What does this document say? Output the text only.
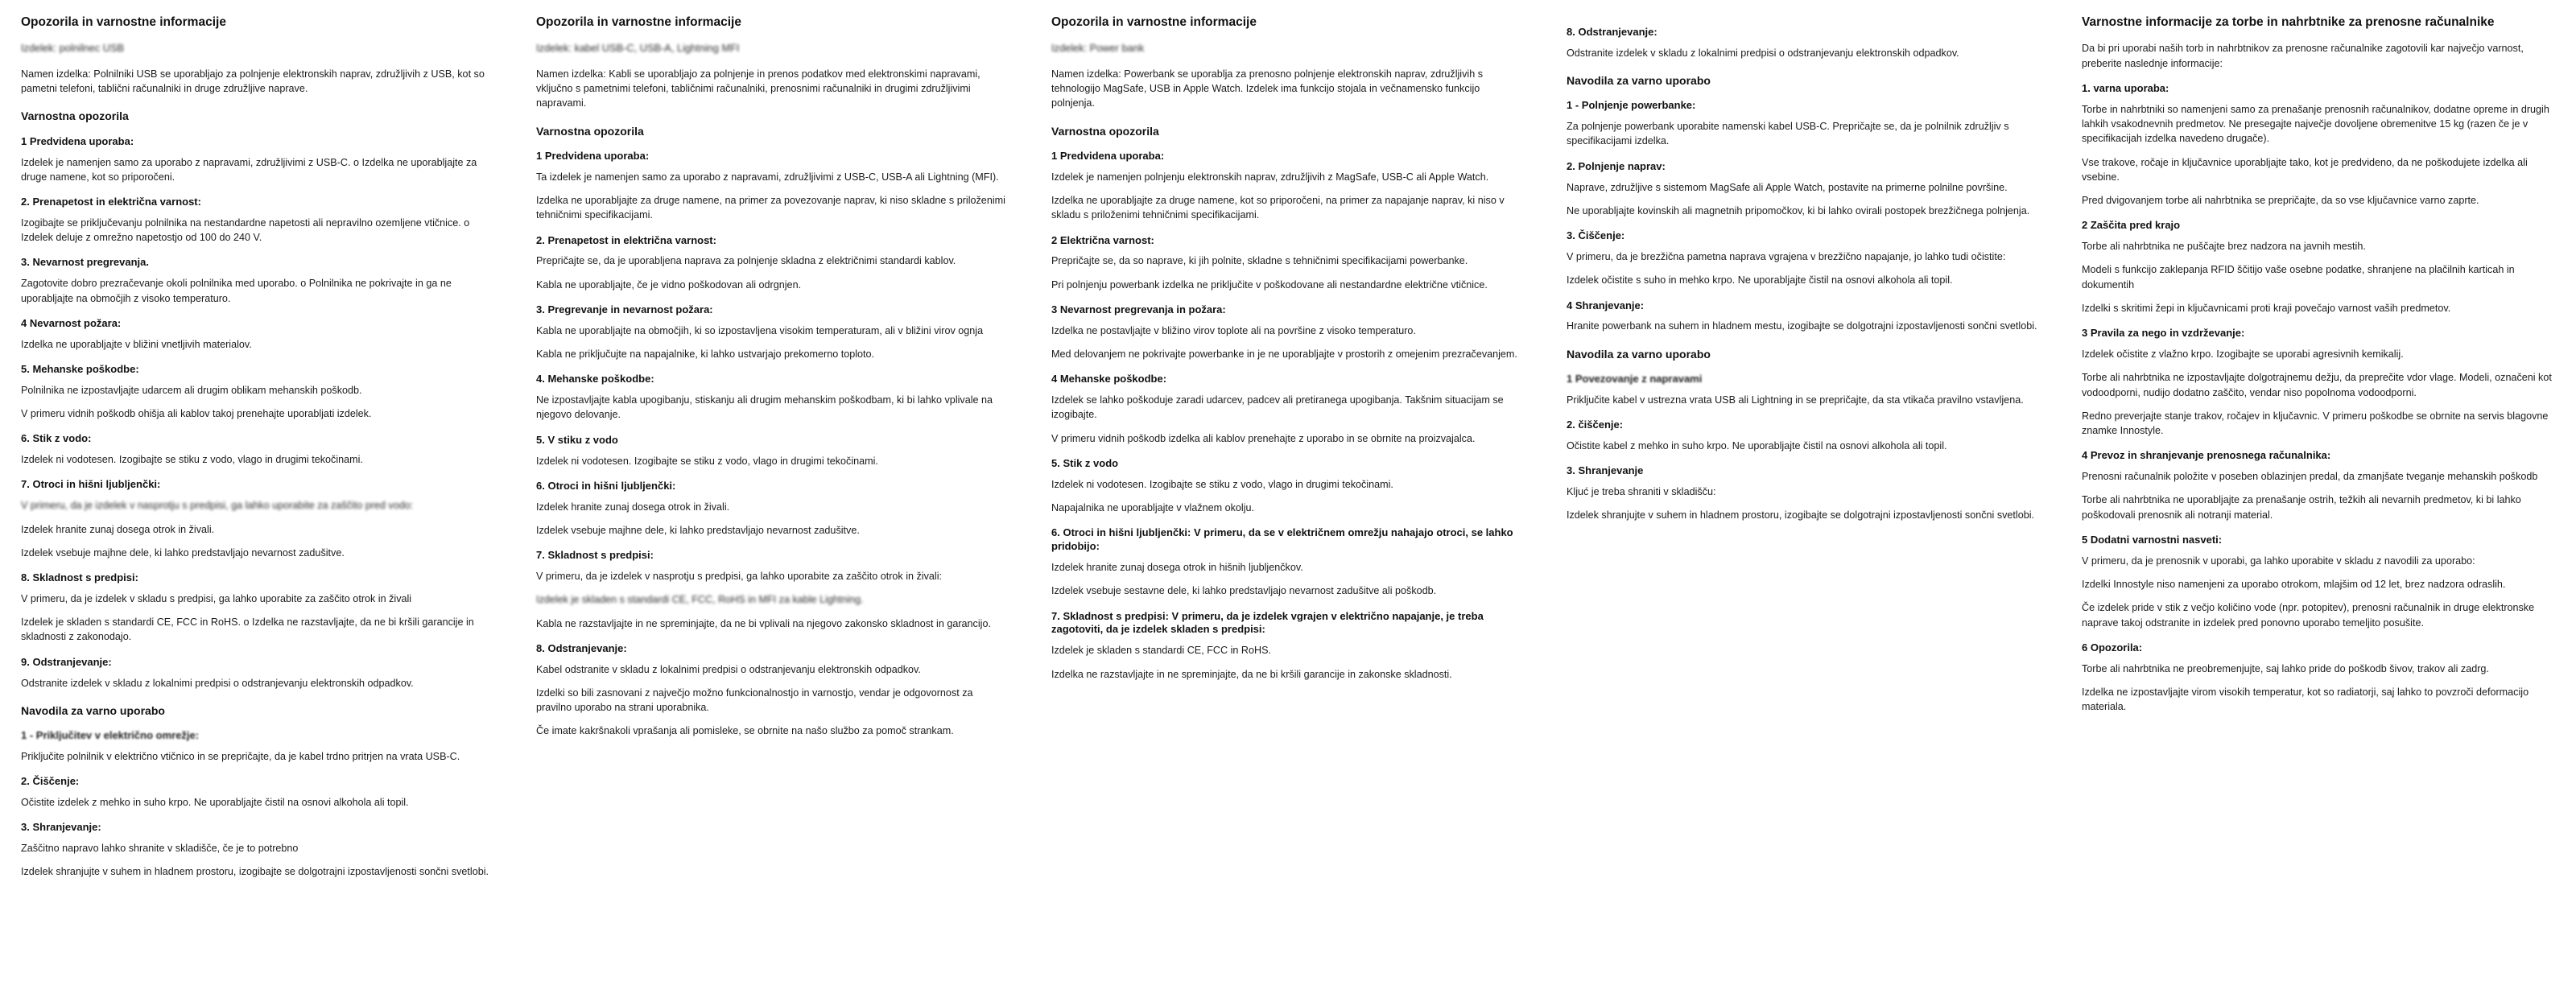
Opozorila in varnostne informacije

Izdelek: polnilnec USB

Namen izdelka: Polnilniki USB se uporabljajo za polnjenje elektronskih naprav, združljivih z USB, kot so pametni telefoni, tablični računalniki in druge združljive naprave.

Varnostna opozorila
1 Predvidena uporaba:

Izdelek je namenjen samo za uporabo z napravami, združljivimi z USB-C. o Izdelka ne uporabljajte za druge namene, kot so priporočeni.

2. Prenapetost in električna varnost:

Izogibajte se priključevanju polnilnika na nestandardne napetosti ali nepravilno ozemljene vtičnice. o Izdelek deluje z omrežno napetostjo od 100 do 240 V.

3. Nevarnost pregrevanja.

Zagotovite dobro prezračevanje okoli polnilnika med uporabo. o Polnilnika ne pokrivajte in ga ne uporabljajte na območjih z visoko temperaturo.

4 Nevarnost požara:

Izdelka ne uporabljajte v bližini vnetljivih materialov.

5. Mehanske poškodbe:

Polnilnika ne izpostavljajte udarcem ali drugim oblikam mehanskih poškodb.

V primeru vidnih poškodb ohišja ali kablov takoj prenehajte uporabljati izdelek.

6. Stik z vodo:

Izdelek ni vodotesen. Izogibajte se stiku z vodo, vlago in drugimi tekočinami.

7. Otroci in hišni ljubljenčki:

V primeru, da je izdelek v nasprotju s predpisi, ga lahko uporabite za zaščito pred vodo:

Izdelek hranite zunaj dosega otrok in živali.

Izdelek vsebuje majhne dele, ki lahko predstavljajo nevarnost zadušitve.

8. Skladnost s predpisi:

V primeru, da je izdelek v skladu s predpisi, ga lahko uporabite za zaščito otrok in živali

Izdelek je skladen s standardi CE, FCC in RoHS. o Izdelka ne razstavljajte, da ne bi kršili garancije in skladnosti z zakonodajo.

9. Odstranjevanje:

Odstranite izdelek v skladu z lokalnimi predpisi o odstranjevanju elektronskih odpadkov.

Navodila za varno uporabo
1 - Priključitev v električno omrežje:

Priključite polnilnik v električno vtičnico in se prepričajte, da je kabel trdno pritrjen na vrata USB-C.

2. Čiščenje:

Očistite izdelek z mehko in suho krpo. Ne uporabljajte čistil na osnovi alkohola ali topil.

3. Shranjevanje:

Zaščitno napravo lahko shranite v skladišče, če je to potrebno

Izdelek shranjujte v suhem in hladnem prostoru, izogibajte se dolgotrajni izpostavljenosti sončni svetlobi.

Opozorila in varnostne informacije

Izdelek: kabel USB-C, USB-A, Lightning MFI

Namen izdelka: Kabli se uporabljajo za polnjenje in prenos podatkov med elektronskimi napravami, vključno s pametnimi telefoni, tabličnimi računalniki, prenosnimi računalniki in drugimi združljivimi napravami.

Varnostna opozorila
1 Predvidena uporaba:

Ta izdelek je namenjen samo za uporabo z napravami, združljivimi z USB-C, USB-A ali Lightning (MFI).

Izdelka ne uporabljajte za druge namene, na primer za povezovanje naprav, ki niso skladne s priloženimi tehničnimi specifikacijami.

2. Prenapetost in električna varnost:

Prepričajte se, da je uporabljena naprava za polnjenje skladna z električnimi standardi kablov.

Kabla ne uporabljajte, če je vidno poškodovan ali odrgnjen.

3. Pregrevanje in nevarnost požara:

Kabla ne uporabljajte na območjih, ki so izpostavljena visokim temperaturam, ali v bližini virov ognja

Kabla ne priključujte na napajalnike, ki lahko ustvarjajo prekomerno toploto.

4. Mehanske poškodbe:

Ne izpostavljajte kabla upogibanju, stiskanju ali drugim mehanskim poškodbam, ki bi lahko vplivale na njegovo delovanje.

5. V stiku z vodo

Izdelek ni vodotesen. Izogibajte se stiku z vodo, vlago in drugimi tekočinami.

6. Otroci in hišni ljubljenčki:

Izdelek hranite zunaj dosega otrok in živali.

Izdelek vsebuje majhne dele, ki lahko predstavljajo nevarnost zadušitve.

7. Skladnost s predpisi:

V primeru, da je izdelek v nasprotju s predpisi, ga lahko uporabite za zaščito otrok in živali:

Izdelek je skladen s standardi CE, FCC, RoHS in MFI za kable Lightning.

Kabla ne razstavljajte in ne spreminjajte, da ne bi vplivali na njegovo zakonsko skladnost in garancijo.

8. Odstranjevanje:

Kabel odstranite v skladu z lokalnimi predpisi o odstranjevanju elektronskih odpadkov.

Izdelki so bili zasnovani z največjo možno funkcionalnostjo in varnostjo, vendar je odgovornost za pravilno uporabo na strani uporabnika.

Če imate kakršnakoli vprašanja ali pomisleke, se obrnite na našo službo za pomoč strankam.

Opozorila in varnostne informacije

Izdelek: Power bank

Namen izdelka: Powerbank se uporablja za prenosno polnjenje elektronskih naprav, združljivih s tehnologijo MagSafe, USB in Apple Watch. Izdelek ima funkcijo stojala in večnamensko funkcijo polnjenja.

Varnostna opozorila
1 Predvidena uporaba:

Izdelek je namenjen polnjenju elektronskih naprav, združljivih z MagSafe, USB-C ali Apple Watch.

Izdelka ne uporabljajte za druge namene, kot so priporočeni, na primer za napajanje naprav, ki niso v skladu s priloženimi tehničnimi specifikacijami.

2 Električna varnost:

Prepričajte se, da so naprave, ki jih polnite, skladne s tehničnimi specifikacijami powerbanke.

Pri polnjenju powerbank izdelka ne priključite v poškodovane ali nestandardne električne vtičnice.

3 Nevarnost pregrevanja in požara:

Izdelka ne postavljajte v bližino virov toplote ali na površine z visoko temperaturo.

Med delovanjem ne pokrivajte powerbanke in je ne uporabljajte v prostorih z omejenim prezračevanjem.

4 Mehanske poškodbe:

Izdelek se lahko poškoduje zaradi udarcev, padcev ali pretiranega upogibanja. Takšnim situacijam se izogibajte.

V primeru vidnih poškodb izdelka ali kablov prenehajte z uporabo in se obrnite na proizvajalca.

5. Stik z vodo

Izdelek ni vodotesen. Izogibajte se stiku z vodo, vlago in drugimi tekočinami.

Napajalnika ne uporabljajte v vlažnem okolju.

6. Otroci in hišni ljubljenčki: V primeru, da se v električnem omrežju nahajajo otroci, se lahko pridobijo:

Izdelek hranite zunaj dosega otrok in hišnih ljubljenčkov.

Izdelek vsebuje sestavne dele, ki lahko predstavljajo nevarnost zadušitve ali poškodb.

7. Skladnost s predpisi: V primeru, da je izdelek vgrajen v električno napajanje, je treba zagotoviti, da je izdelek skladen s predpisi:

Izdelek je skladen s standardi CE, FCC in RoHS.

Izdelka ne razstavljajte in ne spreminjajte, da ne bi kršili garancije in zakonske skladnosti.

8. Odstranjevanje:

Odstranite izdelek v skladu z lokalnimi predpisi o odstranjevanju elektronskih odpadkov.

Navodila za varno uporabo
1 - Polnjenje powerbanke:

Za polnjenje powerbank uporabite namenski kabel USB-C. Prepričajte se, da je polnilnik združljiv s specifikacijami izdelka.

2. Polnjenje naprav:

Naprave, združljive s sistemom MagSafe ali Apple Watch, postavite na primerne polnilne površine.

Ne uporabljajte kovinskih ali magnetnih pripomočkov, ki bi lahko ovirali postopek brezžičnega polnjenja.

3. Čiščenje:

V primeru, da je brezžična pametna naprava vgrajena v brezžično napajanje, jo lahko tudi očistite:

Izdelek očistite s suho in mehko krpo. Ne uporabljajte čistil na osnovi alkohola ali topil.

4 Shranjevanje:

Hranite powerbank na suhem in hladnem mestu, izogibajte se dolgotrajni izpostavljenosti sončni svetlobi.

Navodila za varno uporabo
1 Povezovanje z napravami

Priključite kabel v ustrezna vrata USB ali Lightning in se prepričajte, da sta vtikača pravilno vstavljena.

2. čiščenje:

Očistite kabel z mehko in suho krpo. Ne uporabljajte čistil na osnovi alkohola ali topil.

3. Shranjevanje

Kljuć je treba shraniti v skladišču:

Izdelek shranjujte v suhem in hladnem prostoru, izogibajte se dolgotrajni izpostavljenosti sončni svetlobi.

Varnostne informacije za torbe in nahrbtnike za prenosne računalnike

Da bi pri uporabi naših torb in nahrbtnikov za prenosne računalnike zagotovili kar največjo varnost, preberite naslednje informacije:

1. varna uporaba:

Torbe in nahrbtniki so namenjeni samo za prenašanje prenosnih računalnikov, dodatne opreme in drugih lahkih vsakodnevnih predmetov. Ne presegajte največje dovoljene obremenitve 15 kg (razen če je v specifikacijah izdelka navedeno drugače).

Vse trakove, ročaje in ključavnice uporabljajte tako, kot je predvideno, da ne poškodujete izdelka ali vsebine.

Pred dvigovanjem torbe ali nahrbtnika se prepričajte, da so vse ključavnice varno zaprte.

2 Zaščita pred krajo

Torbe ali nahrbtnika ne puščajte brez nadzora na javnih mestih.

Modeli s funkcijo zaklepanja RFID ščitijo vaše osebne podatke, shranjene na plačilnih karticah in dokumentih

Izdelki s skritimi žepi in ključavnicami proti kraji povečajo varnost vaših predmetov.

3 Pravila za nego in vzdrževanje:

Izdelek očistite z vlažno krpo. Izogibajte se uporabi agresivnih kemikalij.

Torbe ali nahrbtnika ne izpostavljajte dolgotrajnemu dežju, da preprečite vdor vlage. Modeli, označeni kot vodoodporni, nudijo dodatno zaščito, vendar niso popolnoma vodoodporni.

Redno preverjajte stanje trakov, ročajev in ključavnic. V primeru poškodbe se obrnite na servis blagovne znamke Innostyle.

4 Prevoz in shranjevanje prenosnega računalnika:

Prenosni računalnik položite v poseben oblazinjen predal, da zmanjšate tveganje mehanskih poškodb

Torbe ali nahrbtnika ne uporabljajte za prenašanje ostrih, težkih ali nevarnih predmetov, ki bi lahko poškodovali prenosnik ali notranji material.

5 Dodatni varnostni nasveti:

V primeru, da je prenosnik v uporabi, ga lahko uporabite v skladu z navodili za uporabo:

Izdelki Innostyle niso namenjeni za uporabo otrokom, mlajšim od 12 let, brez nadzora odraslih.

Če izdelek pride v stik z večjo količino vode (npr. potopitev), prenosni računalnik in druge elektronske naprave takoj odstranite in izdelek pred ponovno uporabo temeljito posušite.

6 Opozorila:

Torbe ali nahrbtnika ne preobremenjujte, saj lahko pride do poškodb šivov, trakov ali zadrg.

Izdelka ne izpostavljajte virom visokih temperatur, kot so radiatorji, saj lahko to povzroči deformacijo materiala.
